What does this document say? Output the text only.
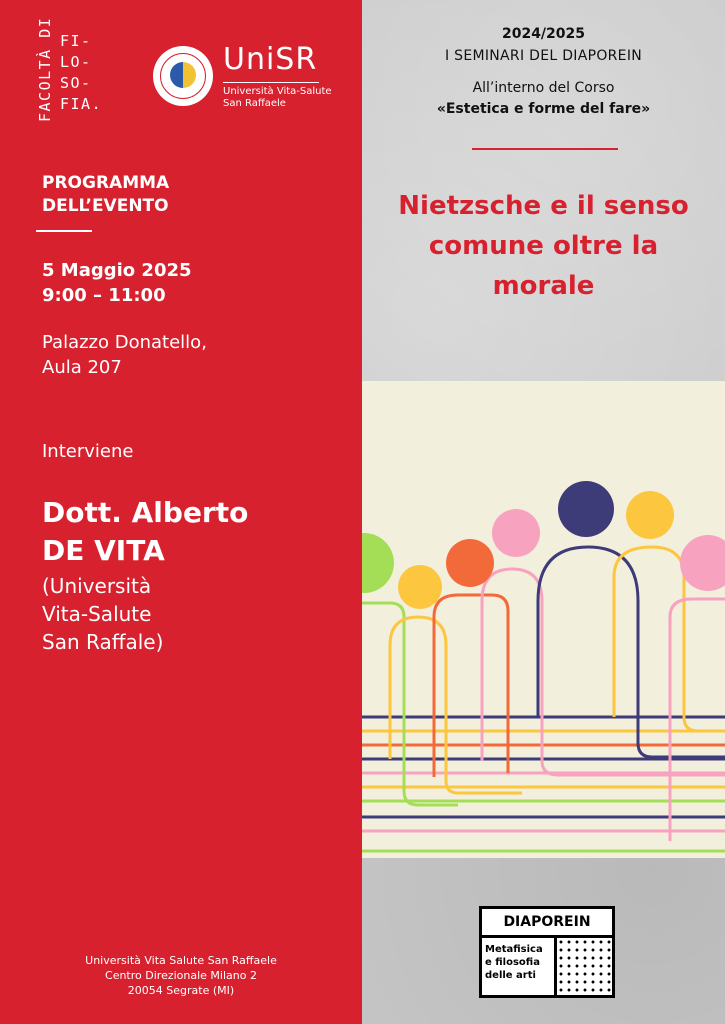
FACOLTÀ DI FI-
LO-
SO-
FIA.
UniSR
Università Vita-Salute
San Raffaele
PROGRAMMA
DELL’EVENTO
5 Maggio 2025
9:00 – 11:00
Palazzo Donatello,
Aula 207
Interviene
Dott. Alberto
DE VITA
(Università
Vita-Salute
San Raffale)
Università Vita Salute San Raffaele
Centro Direzionale Milano 2
20054 Segrate (MI)
2024/2025
I SEMINARI DEL DIAPOREIN
All’interno del Corso
«Estetica e forme del fare»
Nietzsche e il senso
comune oltre la
morale
DIAPOREIN
Metafisica
e filosofia
delle arti
